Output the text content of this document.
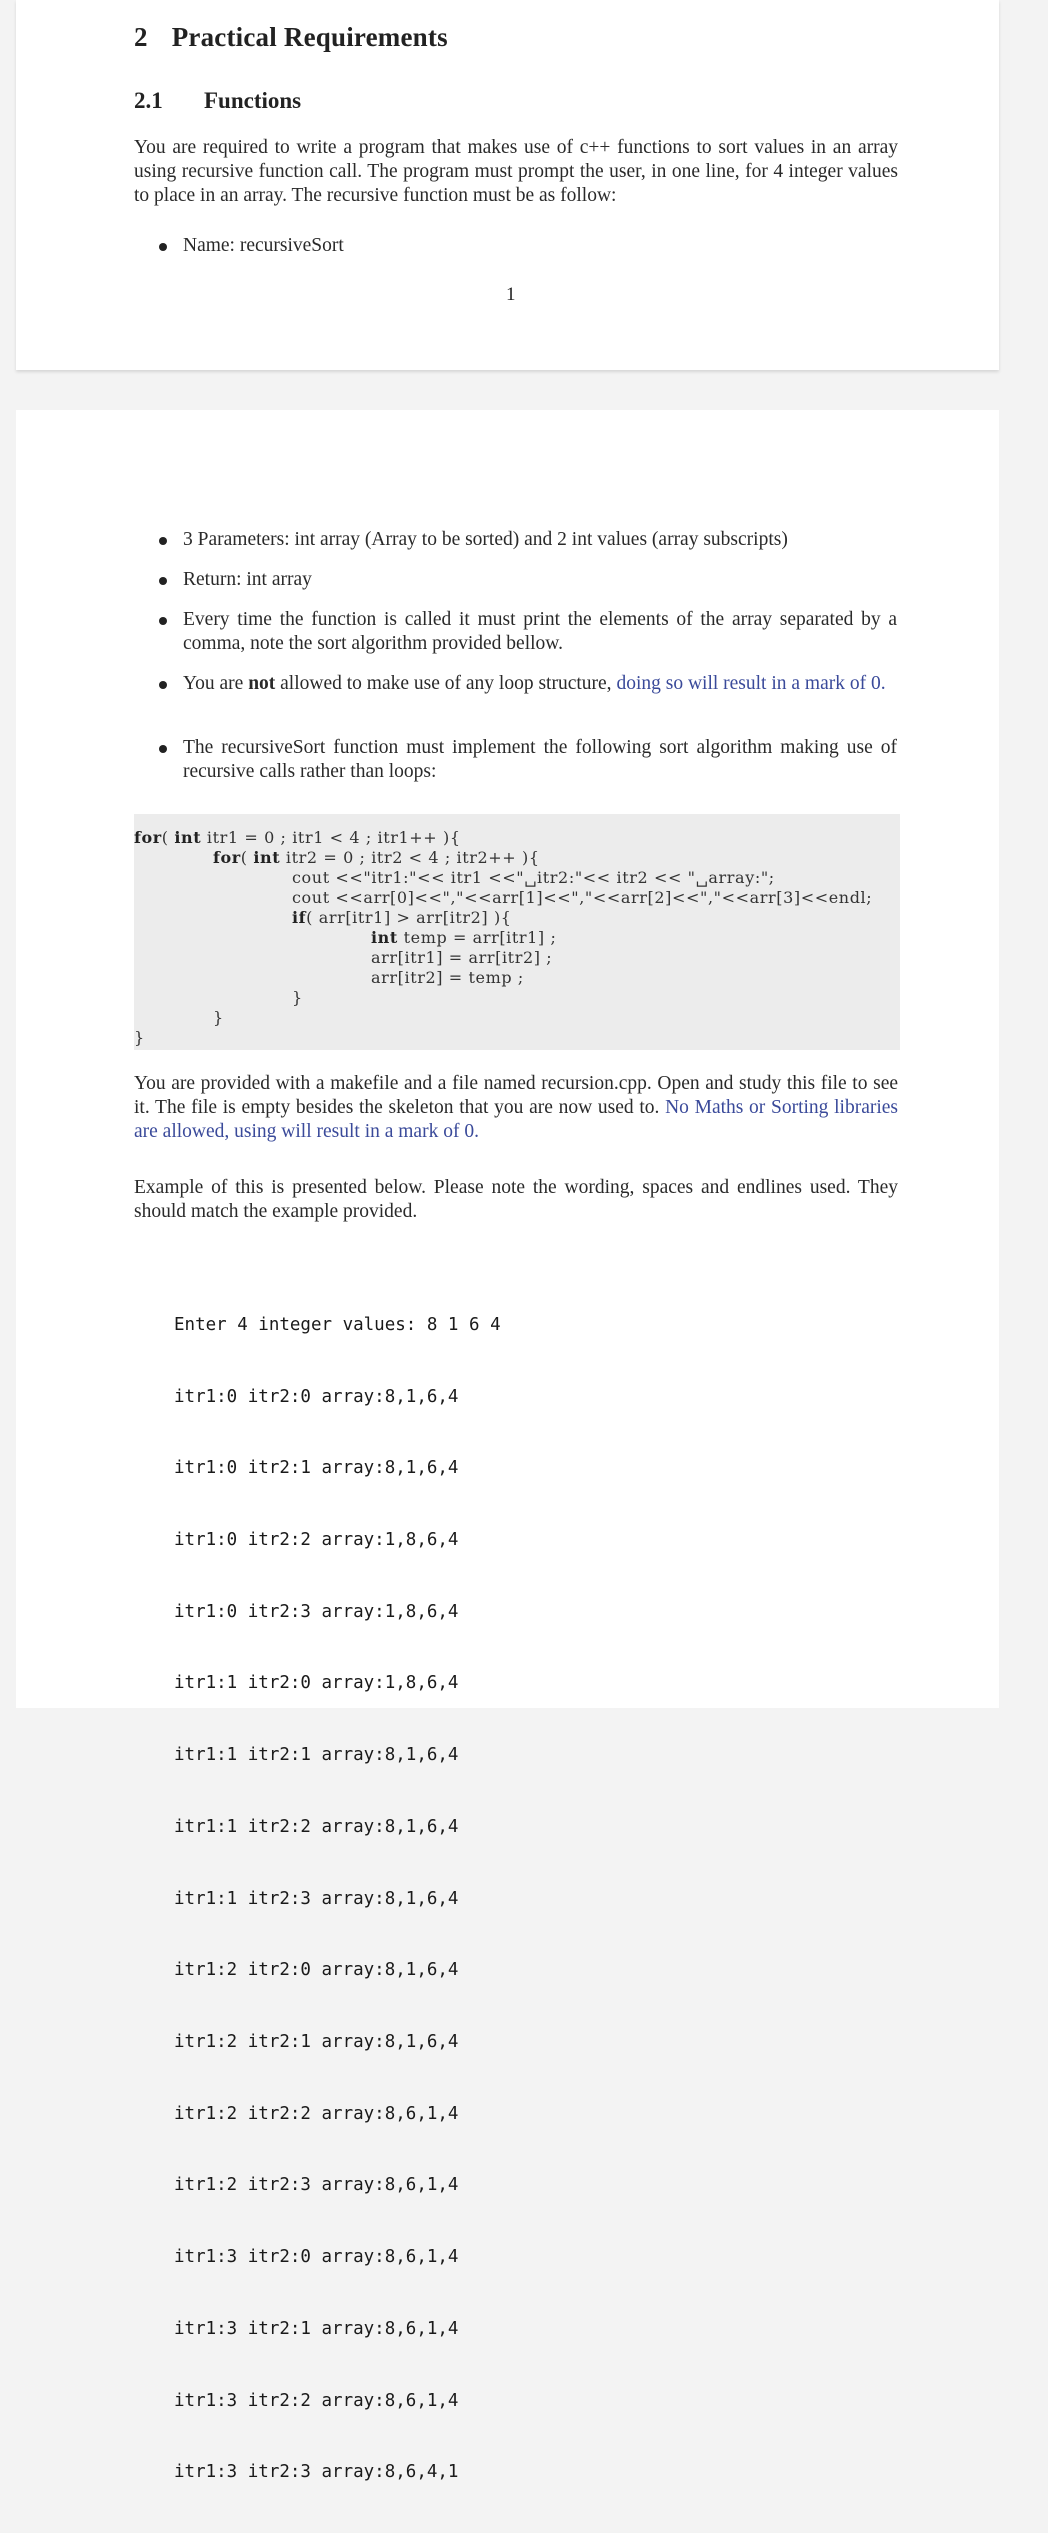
2 Practical Requirements
2.1 Functions
You are required to write a program that makes use of c++ functions to sort values in an array using recursive function call. The program must prompt the user, in one line, for 4 integer values to place in an array. The recursive function must be as follow:
Name: recursiveSort
1
3 Parameters: int array (Array to be sorted) and 2 int values (array subscripts)
Return: int array
Every time the function is called it must print the elements of the array separated by a comma, note the sort algorithm provided bellow.
You are not allowed to make use of any loop structure, doing so will result in a mark of 0.
The recursiveSort function must implement the following sort algorithm making use of recursive calls rather than loops:
for( int itr1 = 0 ; itr1 < 4 ; itr1++ ){
for( int itr2 = 0 ; itr2 < 4 ; itr2++ ){
cout <<"itr1:"<< itr1 <<"␣itr2:"<< itr2 << "␣array:";
cout <<arr[0]<<","<<arr[1]<<","<<arr[2]<<","<<arr[3]<<endl;
if( arr[itr1] > arr[itr2] ){
int temp = arr[itr1] ;
arr[itr1] = arr[itr2] ;
arr[itr2] = temp ;
}
}
}
You are provided with a makefile and a file named recursion.cpp. Open and study this file to see it. The file is empty besides the skeleton that you are now used to. No Maths or Sorting libraries are allowed, using will result in a mark of 0.
Example of this is presented below. Please note the wording, spaces and endlines used. They should match the example provided.

Enter 4 integer values: 8 1 6 4

itr1:0 itr2:0 array:8,1,6,4

itr1:0 itr2:1 array:8,1,6,4

itr1:0 itr2:2 array:1,8,6,4

itr1:0 itr2:3 array:1,8,6,4

itr1:1 itr2:0 array:1,8,6,4

itr1:1 itr2:1 array:8,1,6,4

itr1:1 itr2:2 array:8,1,6,4

itr1:1 itr2:3 array:8,1,6,4

itr1:2 itr2:0 array:8,1,6,4

itr1:2 itr2:1 array:8,1,6,4

itr1:2 itr2:2 array:8,6,1,4

itr1:2 itr2:3 array:8,6,1,4

itr1:3 itr2:0 array:8,6,1,4

itr1:3 itr2:1 array:8,6,1,4

itr1:3 itr2:2 array:8,6,1,4

itr1:3 itr2:3 array:8,6,4,1
